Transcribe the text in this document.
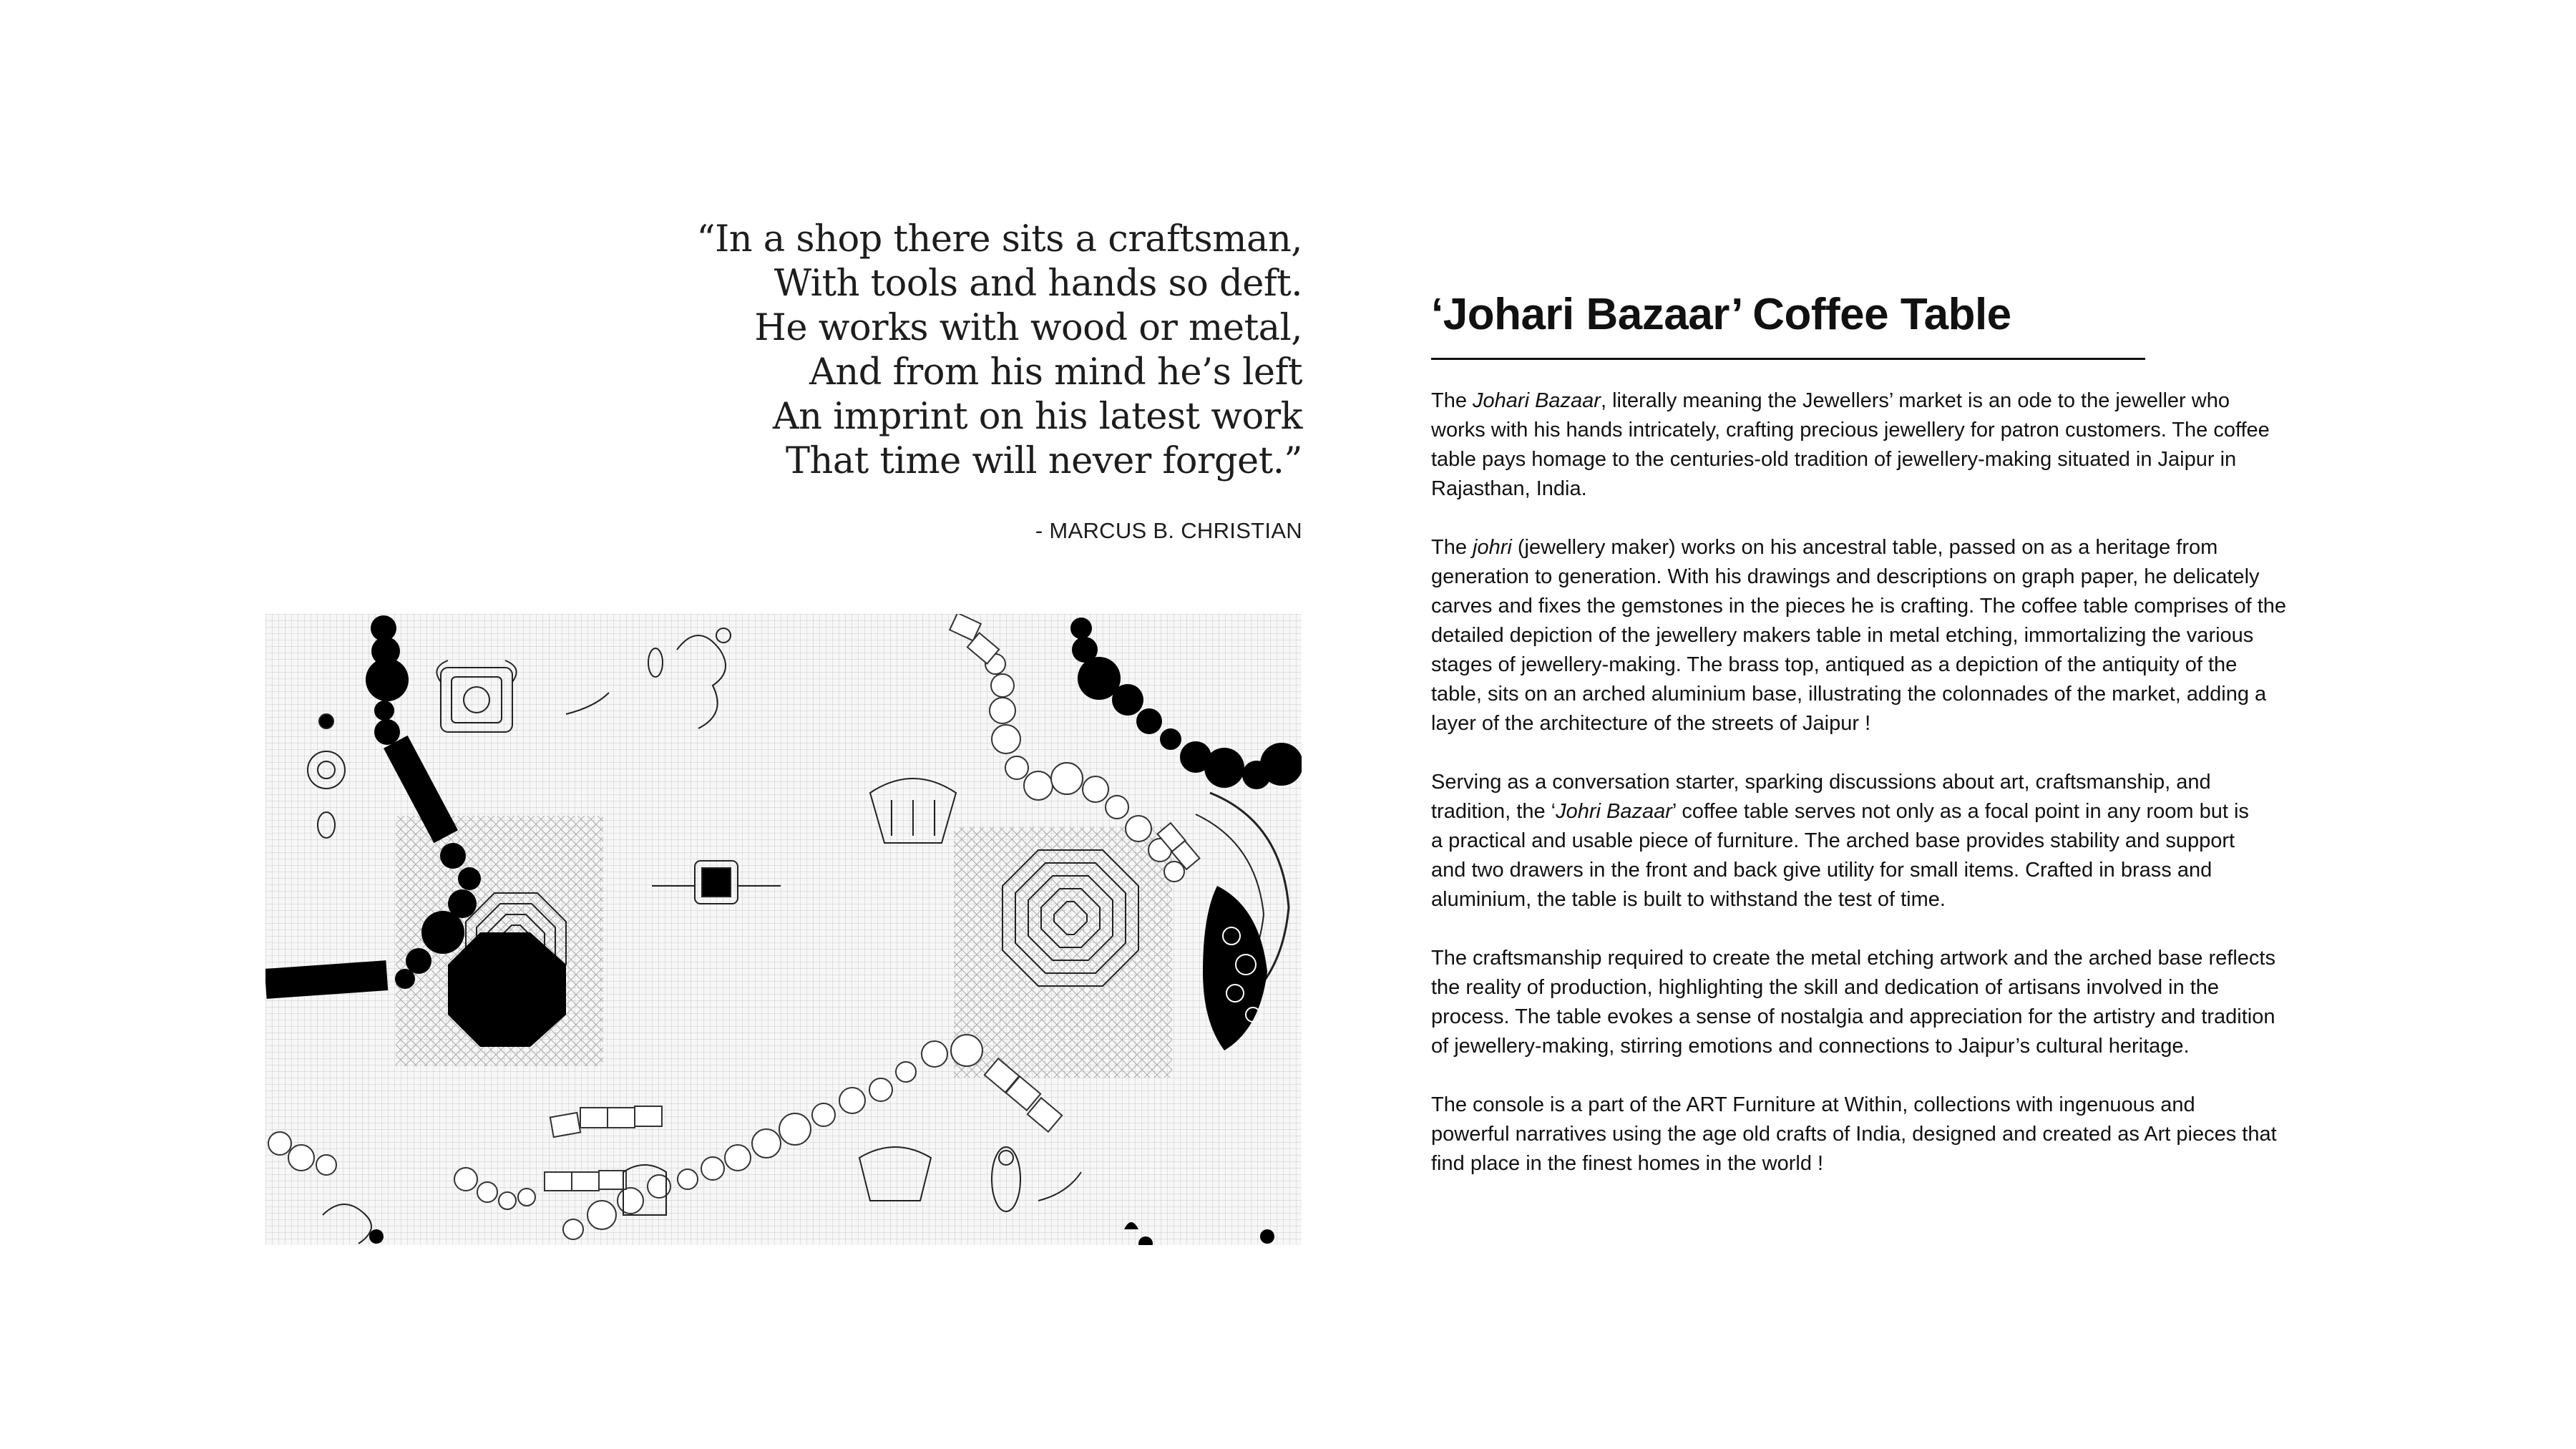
“In a shop there sits a craftsman,
With tools and hands so deft.
He works with wood or metal,
And from his mind he’s left
An imprint on his latest work
That time will never forget.”
- MARCUS B. CHRISTIAN
‘Johari Bazaar’ Coffee Table

The Johari Bazaar, literally meaning the Jewellers’ market is an ode to the jeweller who
works with his hands intricately, crafting precious jewellery for patron customers. The coffee
table pays homage to the centuries-old tradition of jewellery-making situated in Jaipur in
Rajasthan, India.

The johri (jewellery maker) works on his ancestral table, passed on as a heritage from
generation to generation. With his drawings and descriptions on graph paper, he delicately
carves and fixes the gemstones in the pieces he is crafting. The coffee table comprises of the
detailed depiction of the jewellery makers table in metal etching, immortalizing the various
stages of jewellery-making. The brass top, antiqued as a depiction of the antiquity of the
table, sits on an arched aluminium base, illustrating the colonnades of the market, adding a
layer of the architecture of the streets of Jaipur !

Serving as a conversation starter, sparking discussions about art, craftsmanship, and
tradition, the ‘Johri Bazaar’ coffee table serves not only as a focal point in any room but is
a practical and usable piece of furniture. The arched base provides stability and support
and two drawers in the front and back give utility for small items. Crafted in brass and
aluminium, the table is built to withstand the test of time.

The craftsmanship required to create the metal etching artwork and the arched base reflects
the reality of production, highlighting the skill and dedication of artisans involved in the
process. The table evokes a sense of nostalgia and appreciation for the artistry and tradition
of jewellery-making, stirring emotions and connections to Jaipur’s cultural heritage.

The console is a part of the ART Furniture at Within, collections with ingenuous and
powerful narratives using the age old crafts of India, designed and created as Art pieces that
find place in the finest homes in the world !
